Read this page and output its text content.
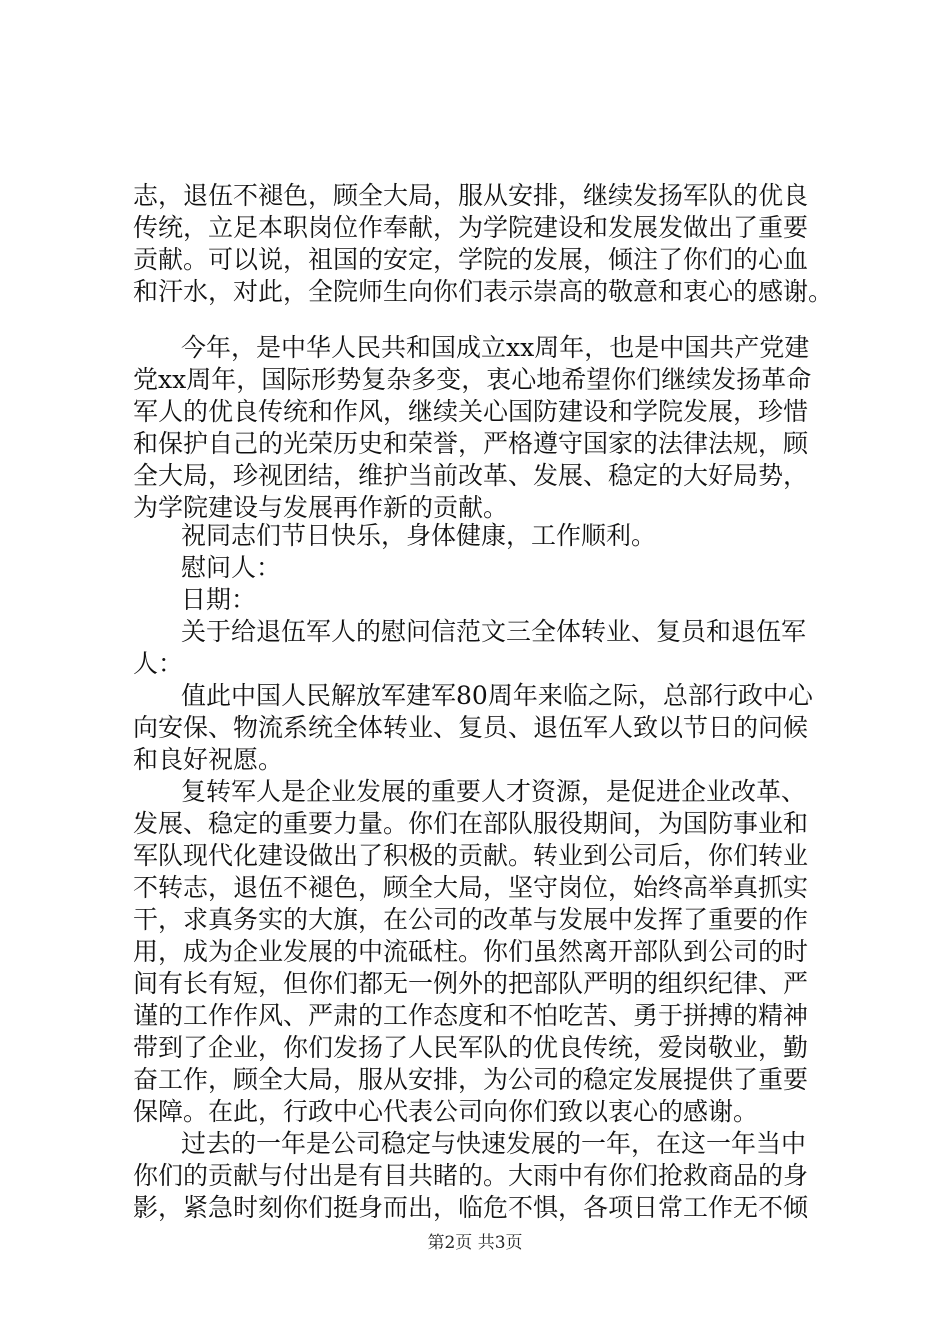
志，退伍不褪色，顾全大局，服从安排，继续发扬军队的优良
传统，立足本职岗位作奉献，为学院建设和发展发做出了重要
贡献。可以说，祖国的安定，学院的发展，倾注了你们的心血
和汗水，对此，全院师生向你们表示崇高的敬意和衷心的感谢。
今年，是中华人民共和国成立xx周年，也是中国共产党建
党xx周年，国际形势复杂多变，衷心地希望你们继续发扬革命
军人的优良传统和作风，继续关心国防建设和学院发展，珍惜
和保护自己的光荣历史和荣誉，严格遵守国家的法律法规，顾
全大局，珍视团结，维护当前改革、发展、稳定的大好局势，
为学院建设与发展再作新的贡献。
祝同志们节日快乐，身体健康，工作顺利。
慰问人：
日期：
关于给退伍军人的慰问信范文三全体转业、复员和退伍军
人：
值此中国人民解放军建军80周年来临之际，总部行政中心
向安保、物流系统全体转业、复员、退伍军人致以节日的问候
和良好祝愿。
复转军人是企业发展的重要人才资源，是促进企业改革、
发展、稳定的重要力量。你们在部队服役期间，为国防事业和
军队现代化建设做出了积极的贡献。转业到公司后，你们转业
不转志，退伍不褪色，顾全大局，坚守岗位，始终高举真抓实
干，求真务实的大旗，在公司的改革与发展中发挥了重要的作
用，成为企业发展的中流砥柱。你们虽然离开部队到公司的时
间有长有短，但你们都无一例外的把部队严明的组织纪律、严
谨的工作作风、严肃的工作态度和不怕吃苦、勇于拼搏的精神
带到了企业，你们发扬了人民军队的优良传统，爱岗敬业，勤
奋工作，顾全大局，服从安排，为公司的稳定发展提供了重要
保障。在此，行政中心代表公司向你们致以衷心的感谢。
过去的一年是公司稳定与快速发展的一年，在这一年当中
你们的贡献与付出是有目共睹的。大雨中有你们抢救商品的身
影，紧急时刻你们挺身而出，临危不惧，各项日常工作无不倾
第2页 共3页
